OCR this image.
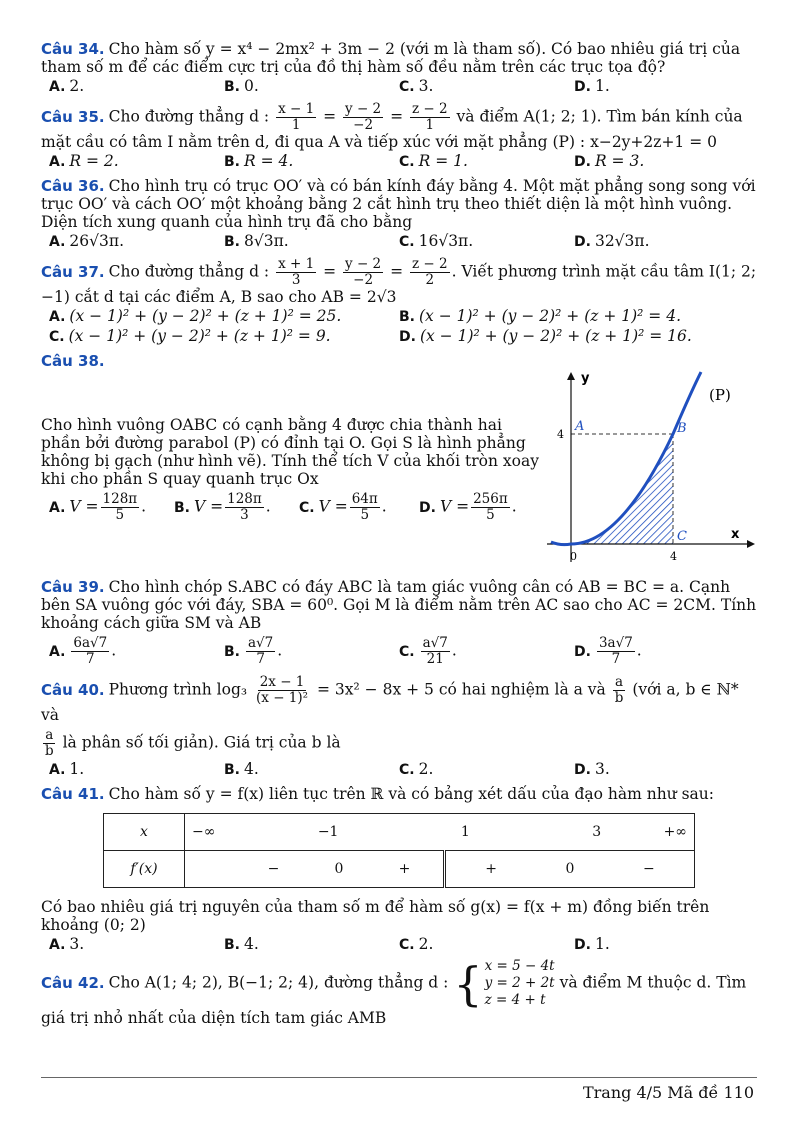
Câu 34. Cho hàm số y = x⁴ − 2mx² + 3m − 2 (với m là tham số). Có bao nhiêu giá trị của tham số m để các điểm cực trị của đồ thị hàm số đều nằm trên các trục tọa độ?
A. 2.	B. 0.	C. 3.	D. 1.
Câu 35. Cho đường thẳng d : $\frac{x - 1}{1} = \frac{y - 2}{-2} = \frac{z - 2}{1}$ và điểm A(1; 2; 1). Tìm bán kính của mặt cầu có tâm I nằm trên d, đi qua A và tiếp xúc với mặt phẳng (P) : x−2y+2z+1 = 0
A. R = 2.	B. R = 4.	C. R = 1.	D. R = 3.
Câu 36. Cho hình trụ có trục OO′ và có bán kính đáy bằng 4. Một mặt phẳng song song với trục OO′ và cách OO′ một khoảng bằng 2 cắt hình trụ theo thiết diện là một hình vuông. Diện tích xung quanh của hình trụ đã cho bằng
A. 26√3π.	B. 8√3π.	C. 16√3π.	D. 32√3π.
Câu 37. Cho đường thẳng d : $\frac{x + 1}{3} = \frac{y - 2}{-2} = \frac{z - 2}{2}$ . Viết phương trình mặt cầu tâm I(1; 2; −1) cắt d tại các điểm A, B sao cho AB = 2√3
A. (x − 1)² + (y − 2)² + (z + 1)² = 25.	B. (x − 1)² + (y − 2)² + (z + 1)² = 4.
C. (x − 1)² + (y − 2)² + (z + 1)² = 9.	D. (x − 1)² + (y − 2)² + (z + 1)² = 16.
Câu 38.
Cho hình vuông OABC có cạnh bằng 4 được chia thành hai phần bởi đường parabol (P) có đỉnh tại O. Gọi S là hình phẳng không bị gạch (như hình vẽ). Tính thể tích V của khối tròn xoay khi cho phần S quay quanh trục Ox
A. $V = \frac{128\pi}{5}$ .	B. $V = \frac{128\pi}{3}$ .	C. $V = \frac{64\pi}{5}$ .	D. $V = \frac{256\pi}{5}$ .
y
x
(P)
A	B
C
0	4
4
Câu 39. Cho hình chóp S.ABC có đáy ABC là tam giác vuông cân có AB = BC = a. Cạnh bên SA vuông góc với đáy, SBA = 60⁰. Gọi M là điểm nằm trên AC sao cho AC = 2CM. Tính khoảng cách giữa SM và AB
A. $\frac{6a√7}{7}$ .	B. $\frac{a√7}{7}$ .	C. $\frac{a√7}{21}$ .	D. $\frac{3a√7}{7}$ .
Câu 40. Phương trình $\log_3 \frac{2x - 1}{\text{(x − 1)²}} = 3x^2 - 8x + 5$ có hai nghiệm là a và $\frac{a}{b}$ (với a, b ∈ ℕ* và
$\frac{a}{b}$ là phân số tối giản). Giá trị của b là
A. 1.	B. 4.	C. 2.	D. 3.
Câu 41. Cho hàm số y = f(x) liên tục trên ℝ và có bảng xét dấu của đạo hàm như sau:
x	−∞ −1 1 3 +∞	

f′(x)	− 0 +	+ 0 −
Có bao nhiêu giá trị nguyên của tham số m để hàm số g(x) = f(x + m) đồng biến trên khoảng (0; 2)
A. 3.	B. 4.	C. 2.	D. 1.
Câu 42. Cho A(1; 4; 2), B(−1; 2; 4), đường thẳng d : { x = 5 − 4t
y = 2 + 2t
z = 4 + t
và điểm M thuộc d. Tìm giá trị nhỏ nhất của diện tích tam giác AMB
Trang 4/5 Mã đề 110
